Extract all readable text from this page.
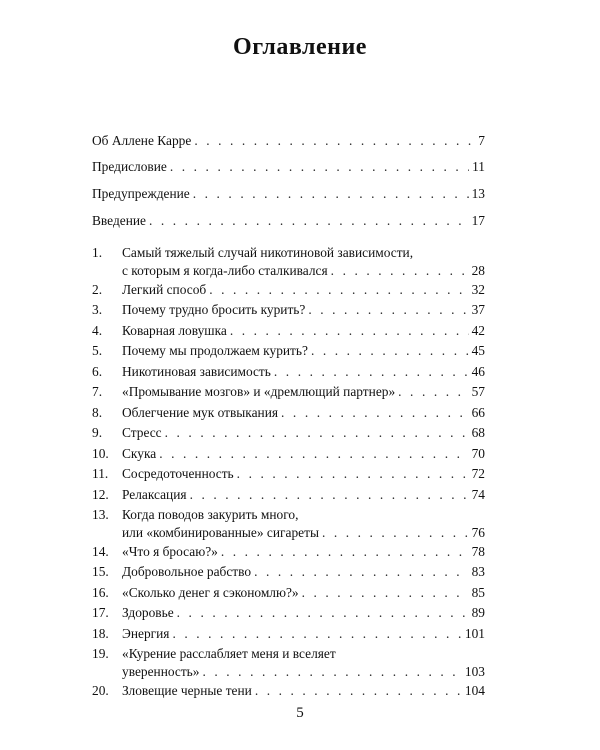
Оглавление
Об Аллене Карре . . .	7
Предисловие . . .	11
Предупреждение . . .	13
Введение . . .	17
1.	Самый тяжелый случай никотиновой зависимости,
с которым я когда-либо сталкивался . . .	28
2.	Легкий способ . . .	32
3.	Почему трудно бросить курить? . . .	37
4.	Коварная ловушка . . .	42
5.	Почему мы продолжаем курить? . . .	45
6.	Никотиновая зависимость . . .	46
7.	«Промывание мозгов» и «дремлющий партнер» . . .	57
8.	Облегчение мук отвыкания . . .	66
9.	Стресс . . .	68
10. Скука . . .	70
11.	Сосредоточенность . . .	72
12. Релаксация . . .	74
13. Когда поводов закурить много,
или «комбинированные» сигареты . . .	76
14. «Что я бросаю?» . . .	78
15. Добровольное рабство . . .	83
16. «Сколько денег я сэкономлю?» . . .	85
17. Здоровье . . .	89
18. Энергия . . .	101
19. «Курение расслабляет меня и вселяет
уверенность» . . .	103
20. Зловещие черные тени . . .	104
5
